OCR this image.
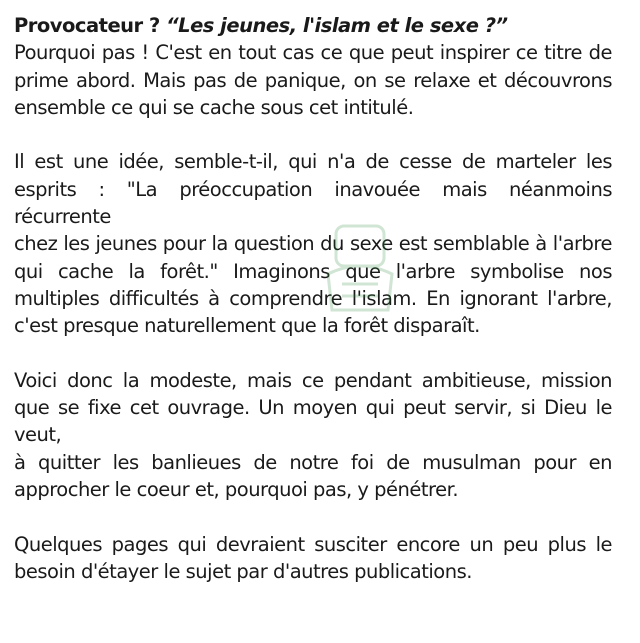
Provocateur ? “Les jeunes, l'islam et le sexe ?”
Pourquoi pas ! C'est en tout cas ce que peut inspirer ce titre de
prime abord. Mais pas de panique, on se relaxe et découvrons
ensemble ce qui se cache sous cet intitulé.
Il est une idée, semble-t-il, qui n'a de cesse de marteler les
esprits : "La préoccupation inavouée mais néanmoins récurrente
chez les jeunes pour la question du sexe est semblable à l'arbre
qui cache la forêt." Imaginons que l'arbre symbolise nos
multiples difficultés à comprendre l'islam. En ignorant l'arbre,
c'est presque naturellement que la forêt disparaît.
Voici donc la modeste, mais ce pendant ambitieuse, mission
que se fixe cet ouvrage. Un moyen qui peut servir, si Dieu le veut,
à quitter les banlieues de notre foi de musulman pour en
approcher le coeur et, pourquoi pas, y pénétrer.
Quelques pages qui devraient susciter encore un peu plus le
besoin d'étayer le sujet par d'autres publications.
